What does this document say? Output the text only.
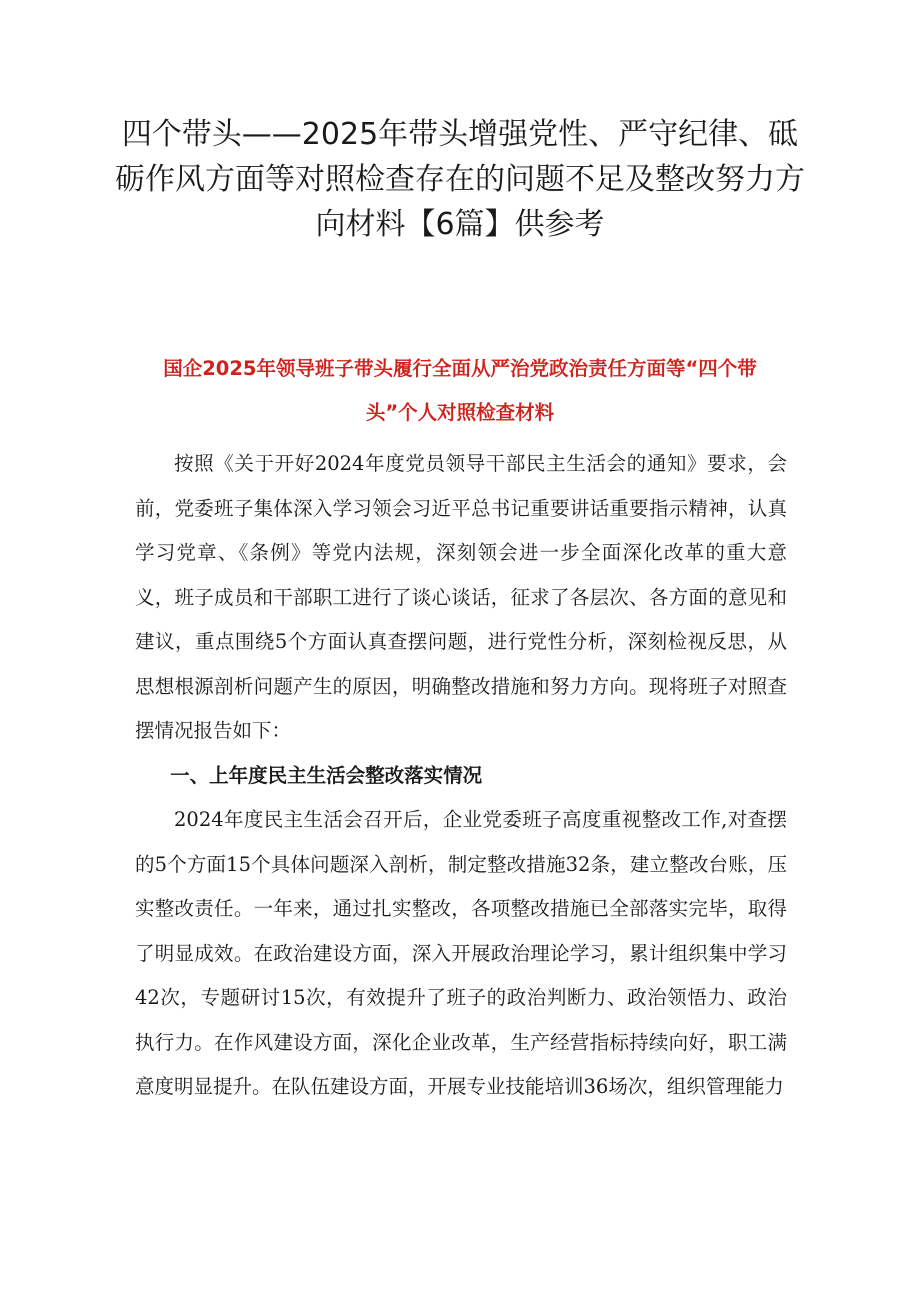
四个带头——2025年带头增强党性、严守纪律、砥砺作风方面等对照检查存在的问题不足及整改努力方向材料【6篇】供参考
国企2025年领导班子带头履行全面从严治党政治责任方面等“四个带头”个人对照检查材料

按照《关于开好2024年度党员领导干部民主生活会的通知》要求，会前，党委班子集体深入学习领会习近平总书记重要讲话重要指示精神，认真学习党章、《条例》等党内法规，深刻领会进一步全面深化改革的重大意义，班子成员和干部职工进行了谈心谈话，征求了各层次、各方面的意见和建议，重点围绕5个方面认真查摆问题，进行党性分析，深刻检视反思，从思想根源剖析问题产生的原因，明确整改措施和努力方向。现将班子对照查摆情况报告如下：

一、上年度民主生活会整改落实情况

2024年度民主生活会召开后，企业党委班子高度重视整改工作,对查摆的5个方面15个具体问题深入剖析，制定整改措施32条，建立整改台账，压实整改责任。一年来，通过扎实整改，各项整改措施已全部落实完毕，取得了明显成效。在政治建设方面，深入开展政治理论学习，累计组织集中学习42次，专题研讨15次，有效提升了班子的政治判断力、政治领悟力、政治执行力。在作风建设方面，深化企业改革，生产经营指标持续向好，职工满意度明显提升。在队伍建设方面，开展专业技能培训36场次，组织管理能力
